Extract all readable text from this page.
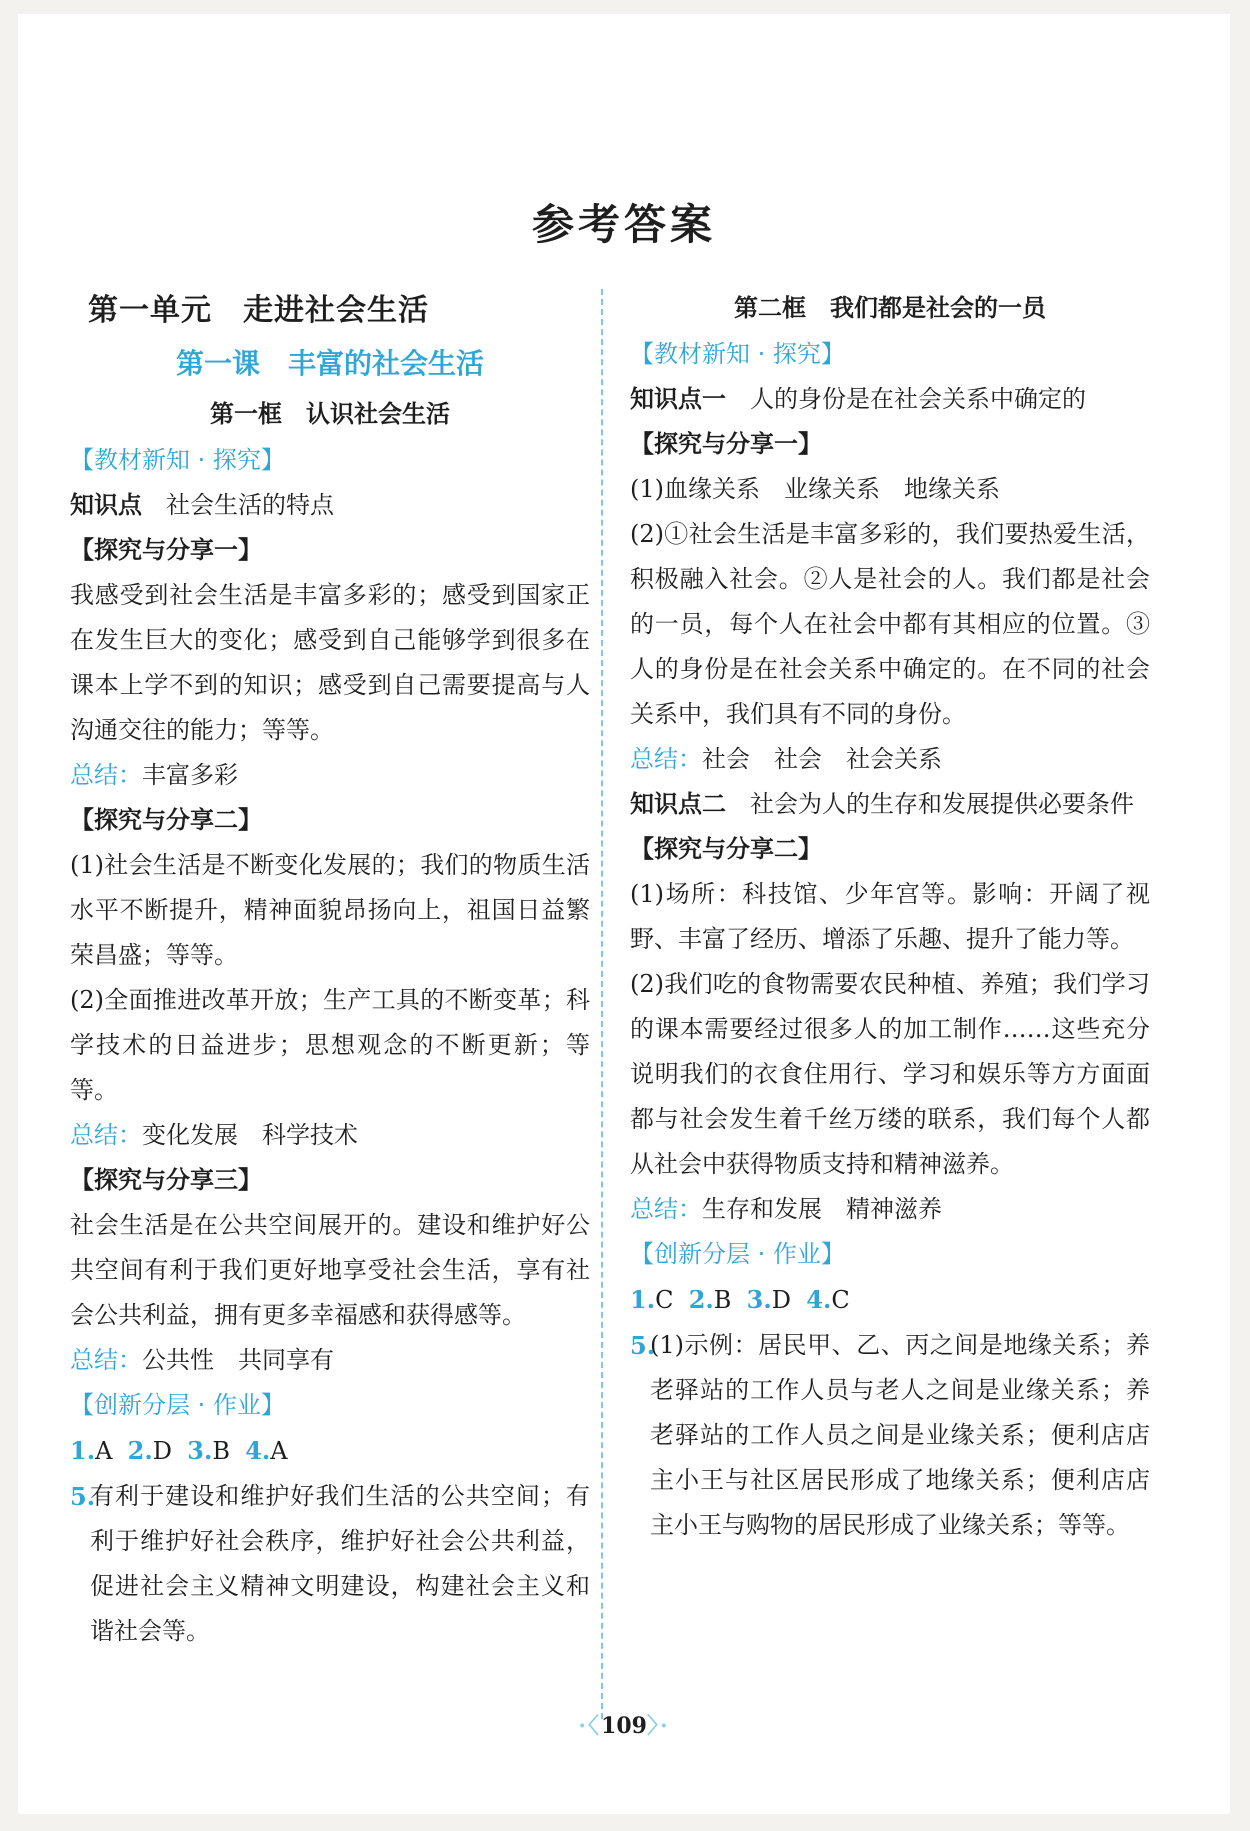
参考答案
第一单元　走进社会生活
第一课　丰富的社会生活
第一框　认识社会生活
【教材新知 · 探究】
知识点　 社会生活的特点
【探究与分享一】
我感受到社会生活是丰富多彩的；感受到国家正在发生巨大的变化；感受到自己能够学到很多在课本上学不到的知识；感受到自己需要提高与人沟通交往的能力；等等。
总结：丰富多彩
【探究与分享二】
(1)社会生活是不断变化发展的；我们的物质生活水平不断提升，精神面貌昂扬向上，祖国日益繁荣昌盛；等等。
(2)全面推进改革开放；生产工具的不断变革；科学技术的日益进步；思想观念的不断更新；等等。
总结：变化发展　科学技术
【探究与分享三】
社会生活是在公共空间展开的。建设和维护好公共空间有利于我们更好地享受社会生活，享有社会公共利益，拥有更多幸福感和获得感等。
总结：公共性　共同享有
【创新分层 · 作业】
1.A 2.D 3.B 4.A
5.
有利于建设和维护好我们生活的公共空间；有利于维护好社会秩序，维护好社会公共利益，促进社会主义精神文明建设，构建社会主义和谐社会等。
第二框　我们都是社会的一员
【教材新知 · 探究】
知识点一　 人的身份是在社会关系中确定的
【探究与分享一】
(1)血缘关系　业缘关系　地缘关系
(2)①社会生活是丰富多彩的，我们要热爱生活，积极融入社会。②人是社会的人。我们都是社会的一员，每个人在社会中都有其相应的位置。③人的身份是在社会关系中确定的。在不同的社会关系中，我们具有不同的身份。
总结：社会　社会　社会关系
知识点二　 社会为人的生存和发展提供必要条件
【探究与分享二】
(1)场所：科技馆、少年宫等。影响：开阔了视野、丰富了经历、增添了乐趣、提升了能力等。
(2)我们吃的食物需要农民种植、养殖；我们学习的课本需要经过很多人的加工制作……这些充分说明我们的衣食住用行、学习和娱乐等方方面面都与社会发生着千丝万缕的联系，我们每个人都从社会中获得物质支持和精神滋养。
总结：生存和发展　精神滋养
【创新分层 · 作业】
1.C 2.B 3.D 4.C
5.
(1)示例：居民甲、乙、丙之间是地缘关系；养老驿站的工作人员与老人之间是业缘关系；养老驿站的工作人员之间是业缘关系；便利店店主小王与社区居民形成了地缘关系；便利店店主小王与购物的居民形成了业缘关系；等等。
·〈109〉·
